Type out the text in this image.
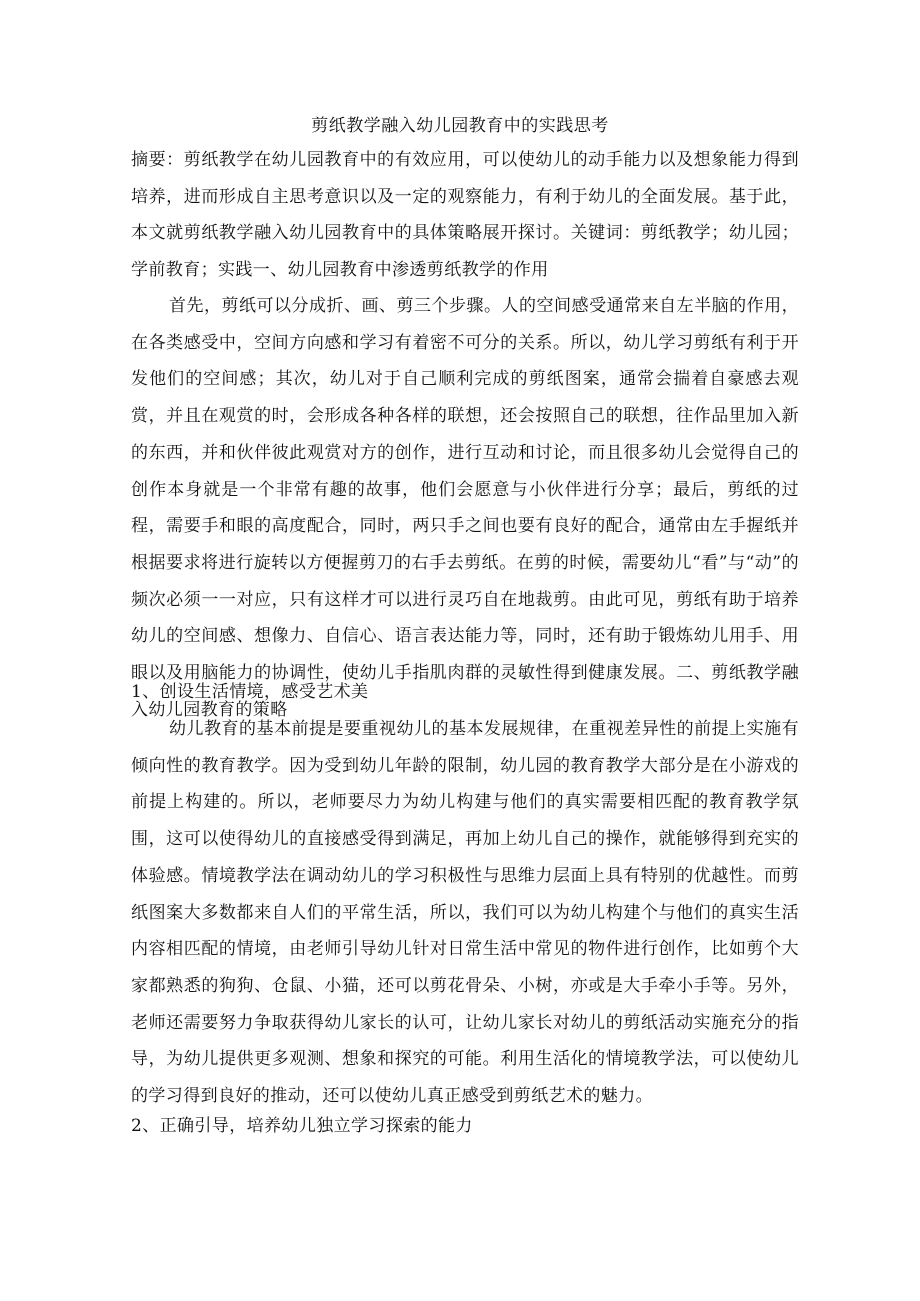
剪纸教学融入幼儿园教育中的实践思考

摘要：剪纸教学在幼儿园教育中的有效应用，可以使幼儿的动手能力以及想象能力得到培养，进而形成自主思考意识以及一定的观察能力，有利于幼儿的全面发展。基于此，本文就剪纸教学融入幼儿园教育中的具体策略展开探讨。关键词：剪纸教学；幼儿园；学前教育；实践一、幼儿园教育中渗透剪纸教学的作用

首先，剪纸可以分成折、画、剪三个步骤。人的空间感受通常来自左半脑的作用，在各类感受中，空间方向感和学习有着密不可分的关系。所以，幼儿学习剪纸有利于开发他们的空间感；其次，幼儿对于自己顺利完成的剪纸图案，通常会揣着自豪感去观赏，并且在观赏的时，会形成各种各样的联想，还会按照自己的联想，往作品里加入新的东西，并和伙伴彼此观赏对方的创作，进行互动和讨论，而且很多幼儿会觉得自己的创作本身就是一个非常有趣的故事，他们会愿意与小伙伴进行分享；最后，剪纸的过程，需要手和眼的高度配合，同时，两只手之间也要有良好的配合，通常由左手握纸并根据要求将进行旋转以方便握剪刀的右手去剪纸。在剪的时候，需要幼儿“看”与“动”的频次必须一一对应，只有这样才可以进行灵巧自在地裁剪。由此可见，剪纸有助于培养幼儿的空间感、想像力、自信心、语言表达能力等，同时，还有助于锻炼幼儿用手、用眼以及用脑能力的协调性，使幼儿手指肌肉群的灵敏性得到健康发展。二、剪纸教学融入幼儿园教育的策略

1、创设生活情境，感受艺术美

幼儿教育的基本前提是要重视幼儿的基本发展规律，在重视差异性的前提上实施有倾向性的教育教学。因为受到幼儿年龄的限制，幼儿园的教育教学大部分是在小游戏的前提上构建的。所以，老师要尽力为幼儿构建与他们的真实需要相匹配的教育教学氛围，这可以使得幼儿的直接感受得到满足，再加上幼儿自己的操作，就能够得到充实的体验感。情境教学法在调动幼儿的学习积极性与思维力层面上具有特别的优越性。而剪纸图案大多数都来自人们的平常生活，所以，我们可以为幼儿构建个与他们的真实生活内容相匹配的情境，由老师引导幼儿针对日常生活中常见的物件进行创作，比如剪个大家都熟悉的狗狗、仓鼠、小猫，还可以剪花骨朵、小树，亦或是大手牵小手等。另外，老师还需要努力争取获得幼儿家长的认可，让幼儿家长对幼儿的剪纸活动实施充分的指导，为幼儿提供更多观测、想象和探究的可能。利用生活化的情境教学法，可以使幼儿的学习得到良好的推动，还可以使幼儿真正感受到剪纸艺术的魅力。

2、正确引导，培养幼儿独立学习探索的能力
